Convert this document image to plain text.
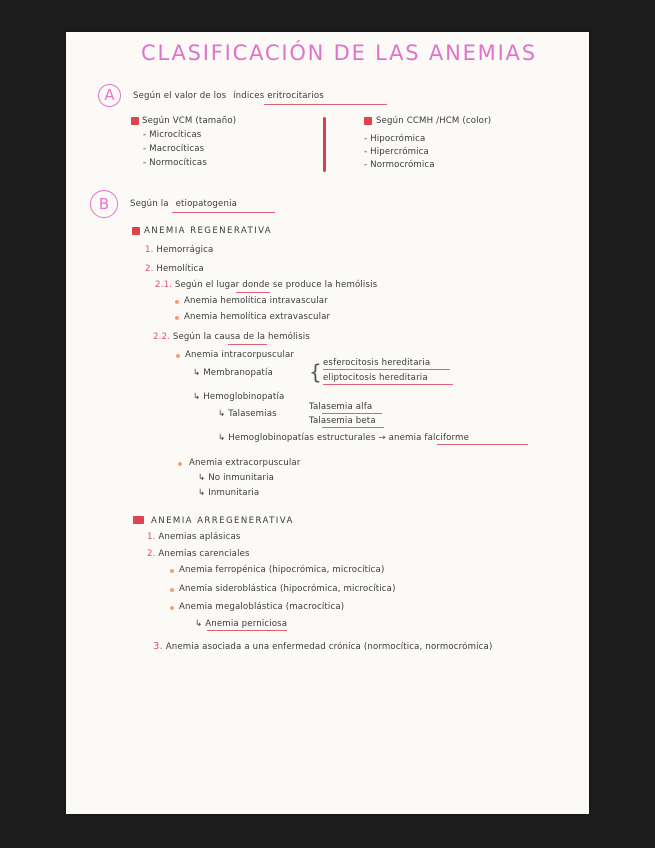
CLASIFICACIÓN DE LAS ANEMIAS
A	Según el valor de los índices eritrocitarios
Según VCM (tamaño)
- Microcíticas
- Macrocíticas
- Normocíticas
Según CCMH /HCM (color)
- Hipocrómica
- Hipercrómica
- Normocrómica
B	Según la etiopatogenia
ANEMIA REGENERATIVA
1. Hemorrágica
2. Hemolítica
2.1. Según el lugar donde se produce la hemólisis
Anemia hemolítica intravascular
Anemia hemolítica extravascular
2.2. Según la causa de la hemólisis
Anemia intracorpuscular
↳ Membranopatía { esferocitosis hereditaria
eliptocitosis hereditaria
↳ Hemoglobinopatía
↳ Talasemias
Talasemia alfa
Talasemia beta
↳ Hemoglobinopatías estructurales → anemia falciforme
Anemia extracorpuscular
↳ No inmunitaria
↳ Inmunitaria
ANEMIA ARREGENERATIVA
1. Anemias aplásicas
2. Anemias carenciales
Anemia ferropénica (hipocrómica, microcítica)
Anemia sideroblástica (hipocrómica, microcítica)
Anemia megaloblástica (macrocítica)
↳ Anemia perniciosa
3. Anemia asociada a una enfermedad crónica (normocítica, normocrómica)
